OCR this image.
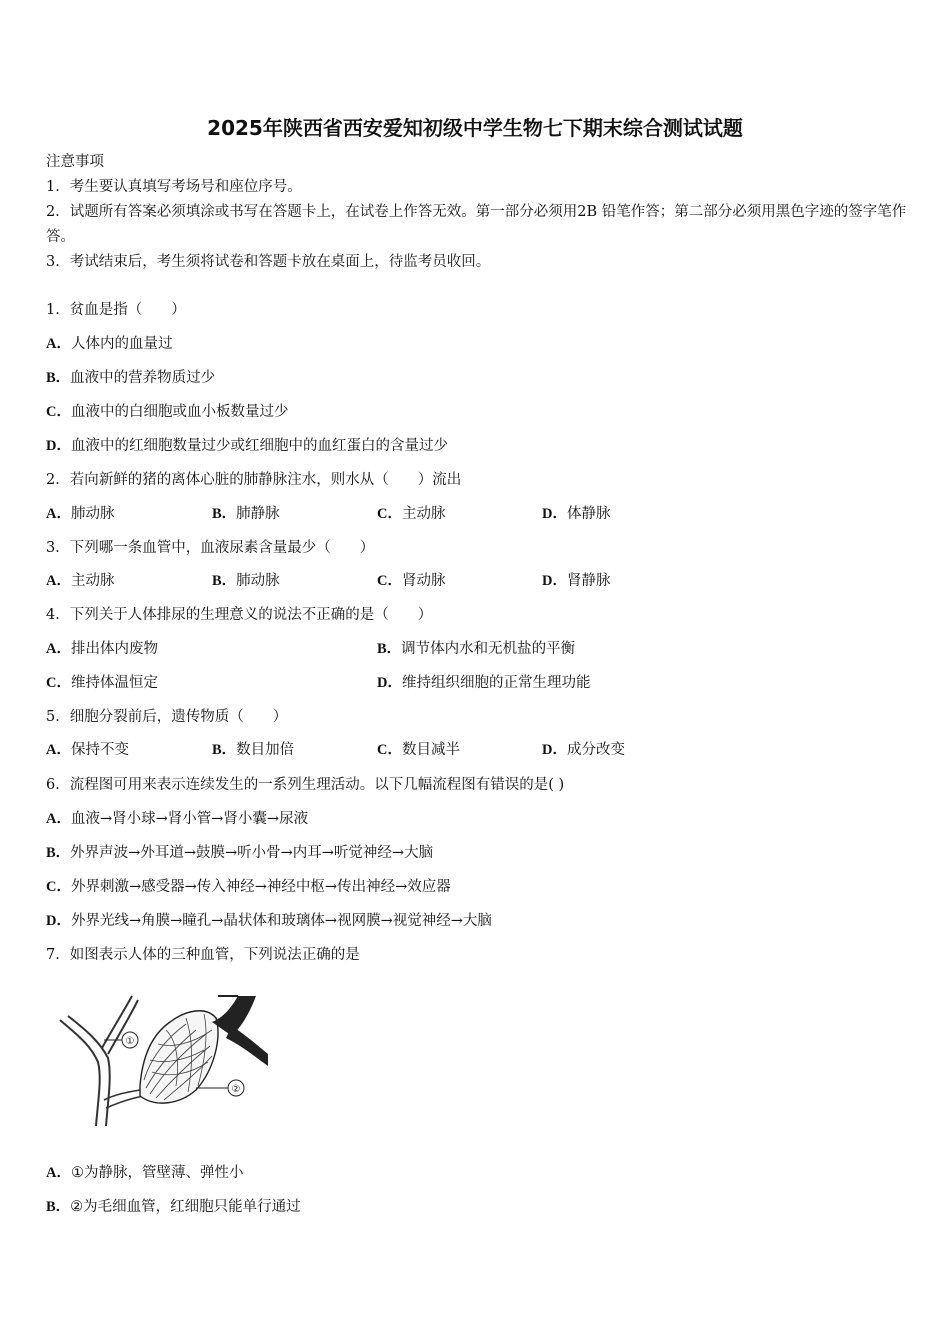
2025年陕西省西安爱知初级中学生物七下期末综合测试试题

注意事项

1．考生要认真填写考场号和座位序号。

2．试题所有答案必须填涂或书写在答题卡上，在试卷上作答无效。第一部分必须用2B 铅笔作答；第二部分必须用黑色字迹的签字笔作答。

3．考试结束后，考生须将试卷和答题卡放在桌面上，待监考员收回。

1．贫血是指（　　）
A．人体内的血量过
B．血液中的营养物质过少
C．血液中的白细胞或血小板数量过少
D．血液中的红细胞数量过少或红细胞中的血红蛋白的含量过少
2．若向新鲜的猪的离体心脏的肺静脉注水，则水从（　　）流出
A．肺动脉	B．肺静脉	C．主动脉	D．体静脉
3．下列哪一条血管中，血液尿素含量最少（　　）
A．主动脉	B．肺动脉	C．肾动脉	D．肾静脉
4．下列关于人体排尿的生理意义的说法不正确的是（　　）
A．排出体内废物	B．调节体内水和无机盐的平衡
C．维持体温恒定	D．维持组织细胞的正常生理功能
5．细胞分裂前后，遗传物质（　　）
A．保持不变	B．数目加倍	C．数目减半	D．成分改变
6．流程图可用来表示连续发生的一系列生理活动。以下几幅流程图有错误的是( )
A．血液→肾小球→肾小管→肾小囊→尿液
B．外界声波→外耳道→鼓膜→听小骨→内耳→听觉神经→大脑
C．外界刺激→感受器→传入神经→神经中枢→传出神经→效应器
D．外界光线→角膜→瞳孔→晶状体和玻璃体→视网膜→视觉神经→大脑
7．如图表示人体的三种血管，下列说法正确的是
①
②
A．①为静脉，管壁薄、弹性小
B．②为毛细血管，红细胞只能单行通过
